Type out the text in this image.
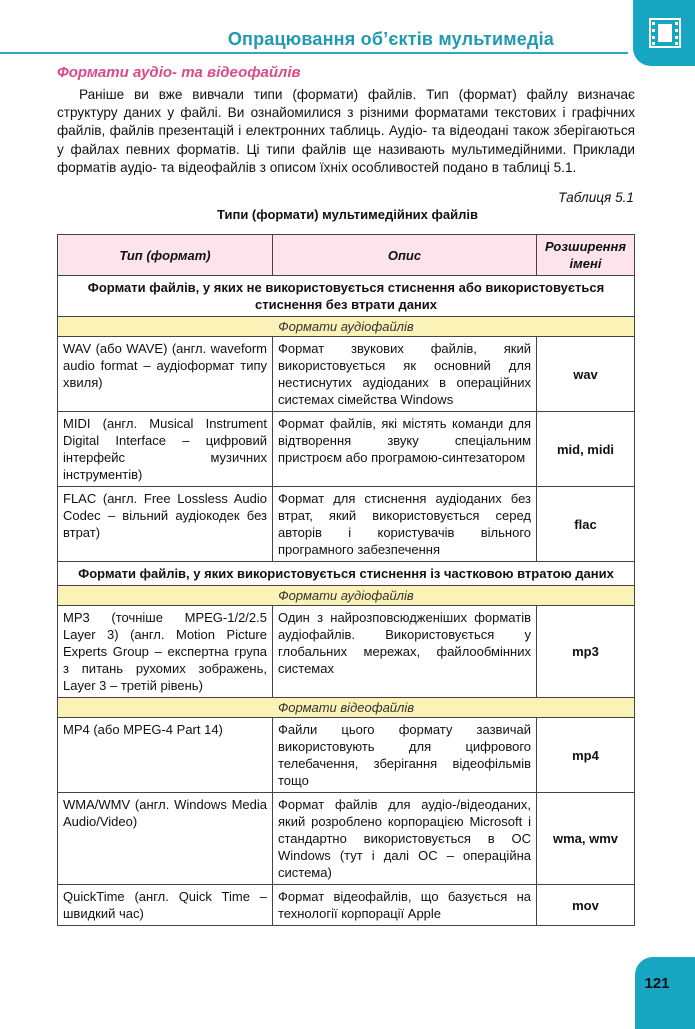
Опрацювання об’єктів мультимедіа
Формати аудіо- та відеофайлів
Раніше ви вже вивчали типи (формати) файлів. Тип (формат) файлу визначає структуру даних у файлі. Ви ознайомилися з різними форматами текстових і графічних файлів, файлів презентацій і електронних таблиць. Аудіо- та відеодані також зберігаються у файлах певних форматів. Ці типи файлів ще називають мультимедійними. Приклади форматів аудіо- та відеофайлів з описом їхніх особливостей подано в таблиці 5.1.
Таблиця 5.1
Типи (формати) мультимедійних файлів
Тип (формат)	Опис	Розширення імені
Формати файлів, у яких не використовується стиснення або використовується стиснення без втрати даних		
Формати аудіофайлів		
WAV (або WAVE) (англ. waveform audio format – аудіоформат типу хвиля)	Формат звукових файлів, який використовується як основний для нестиснутих аудіоданих в операційних системах сімейства Windows	wav
MIDI (англ. Musical Instrument Digital Interface – цифровий інтерфейс музичних інструментів)	Формат файлів, які містять команди для відтворення звуку спеціальним пристроєм або програмою-синтезатором	mid, midi
FLAC (англ. Free Lossless Audio Codec – вільний аудіокодек без втрат)	Формат для стиснення аудіоданих без втрат, який використовується серед авторів і користувачів вільного програмного забезпечення	flac
Формати файлів, у яких використовується стиснення із частковою втратою даних		
Формати аудіофайлів		
MP3 (точніше MPEG-1/2/2.5 Layer 3) (англ. Motion Picture Experts Group – експертна група з питань рухомих зображень, Layer 3 – третій рівень)	Один з найрозповсюдженіших форматів аудіофайлів. Використовується у глобальних мережах, файлообмінних системах	mp3
Формати відеофайлів		
MP4 (або MPEG-4 Part 14)	Файли цього формату зазвичай використовують для цифрового телебачення, зберігання відеофільмів тощо	mp4
WMA/WMV (англ. Windows Media Audio/Video)	Формат файлів для аудіо-/відеоданих, який розроблено корпорацією Microsoft і стандартно використовується в ОС Windows (тут і далі ОС – операційна система)	wma, wmv
QuickTime (англ. Quick Time – швидкий час)	Формат відеофайлів, що базується на технології корпорації Apple	mov
121
